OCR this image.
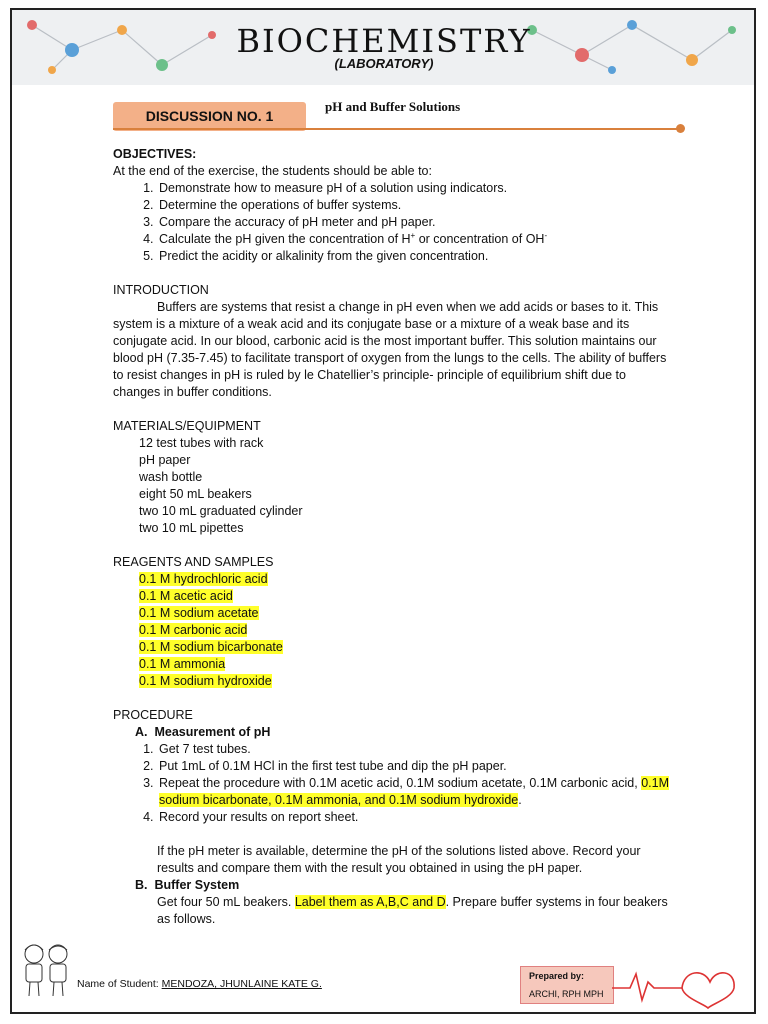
BIOCHEMISTRY
(LABORATORY)
DISCUSSION NO. 1
pH and Buffer Solutions

OBJECTIVES:

At the end of the exercise, the students should be able to:

1. Demonstrate how to measure pH of a solution using indicators.
2. Determine the operations of buffer systems.
3. Compare the accuracy of pH meter and pH paper.
4. Calculate the pH given the concentration of H+ or concentration of OH-
5. Predict the acidity or alkalinity from the given concentration.

INTRODUCTION

Buffers are systems that resist a change in pH even when we add acids or bases to it. This system is a mixture of a weak acid and its conjugate base or a mixture of a weak base and its conjugate acid. In our blood, carbonic acid is the most important buffer. This solution maintains our blood pH (7.35-7.45) to facilitate transport of oxygen from the lungs to the cells. The ability of buffers to resist changes in pH is ruled by le Chatellier’s principle- principle of equilibrium shift due to changes in buffer conditions.

MATERIALS/EQUIPMENT

12 test tubes with rack

pH paper

wash bottle

eight 50 mL beakers

two 10 mL graduated cylinder

two 10 mL pipettes

REAGENTS AND SAMPLES

0.1 M hydrochloric acid

0.1 M acetic acid

0.1 M sodium acetate

0.1 M carbonic acid

0.1 M sodium bicarbonate

0.1 M ammonia

0.1 M sodium hydroxide

PROCEDURE

A. Measurement of pH

1. Get 7 test tubes.
2. Put 1mL of 0.1M HCl in the first test tube and dip the pH paper.
3. Repeat the procedure with 0.1M acetic acid, 0.1M sodium acetate, 0.1M carbonic acid, 0.1M sodium bicarbonate, 0.1M ammonia, and 0.1M sodium hydroxide.
4. Record your results on report sheet.

If the pH meter is available, determine the pH of the solutions listed above. Record your results and compare them with the result you obtained in using the pH paper.

B. Buffer System

Get four 50 mL beakers. Label them as A,B,C and D. Prepare buffer systems in four beakers as follows.

Name of Student: MENDOZA, JHUNLAINE KATE G.
Prepared by:
ARCHI, RPH MPH
